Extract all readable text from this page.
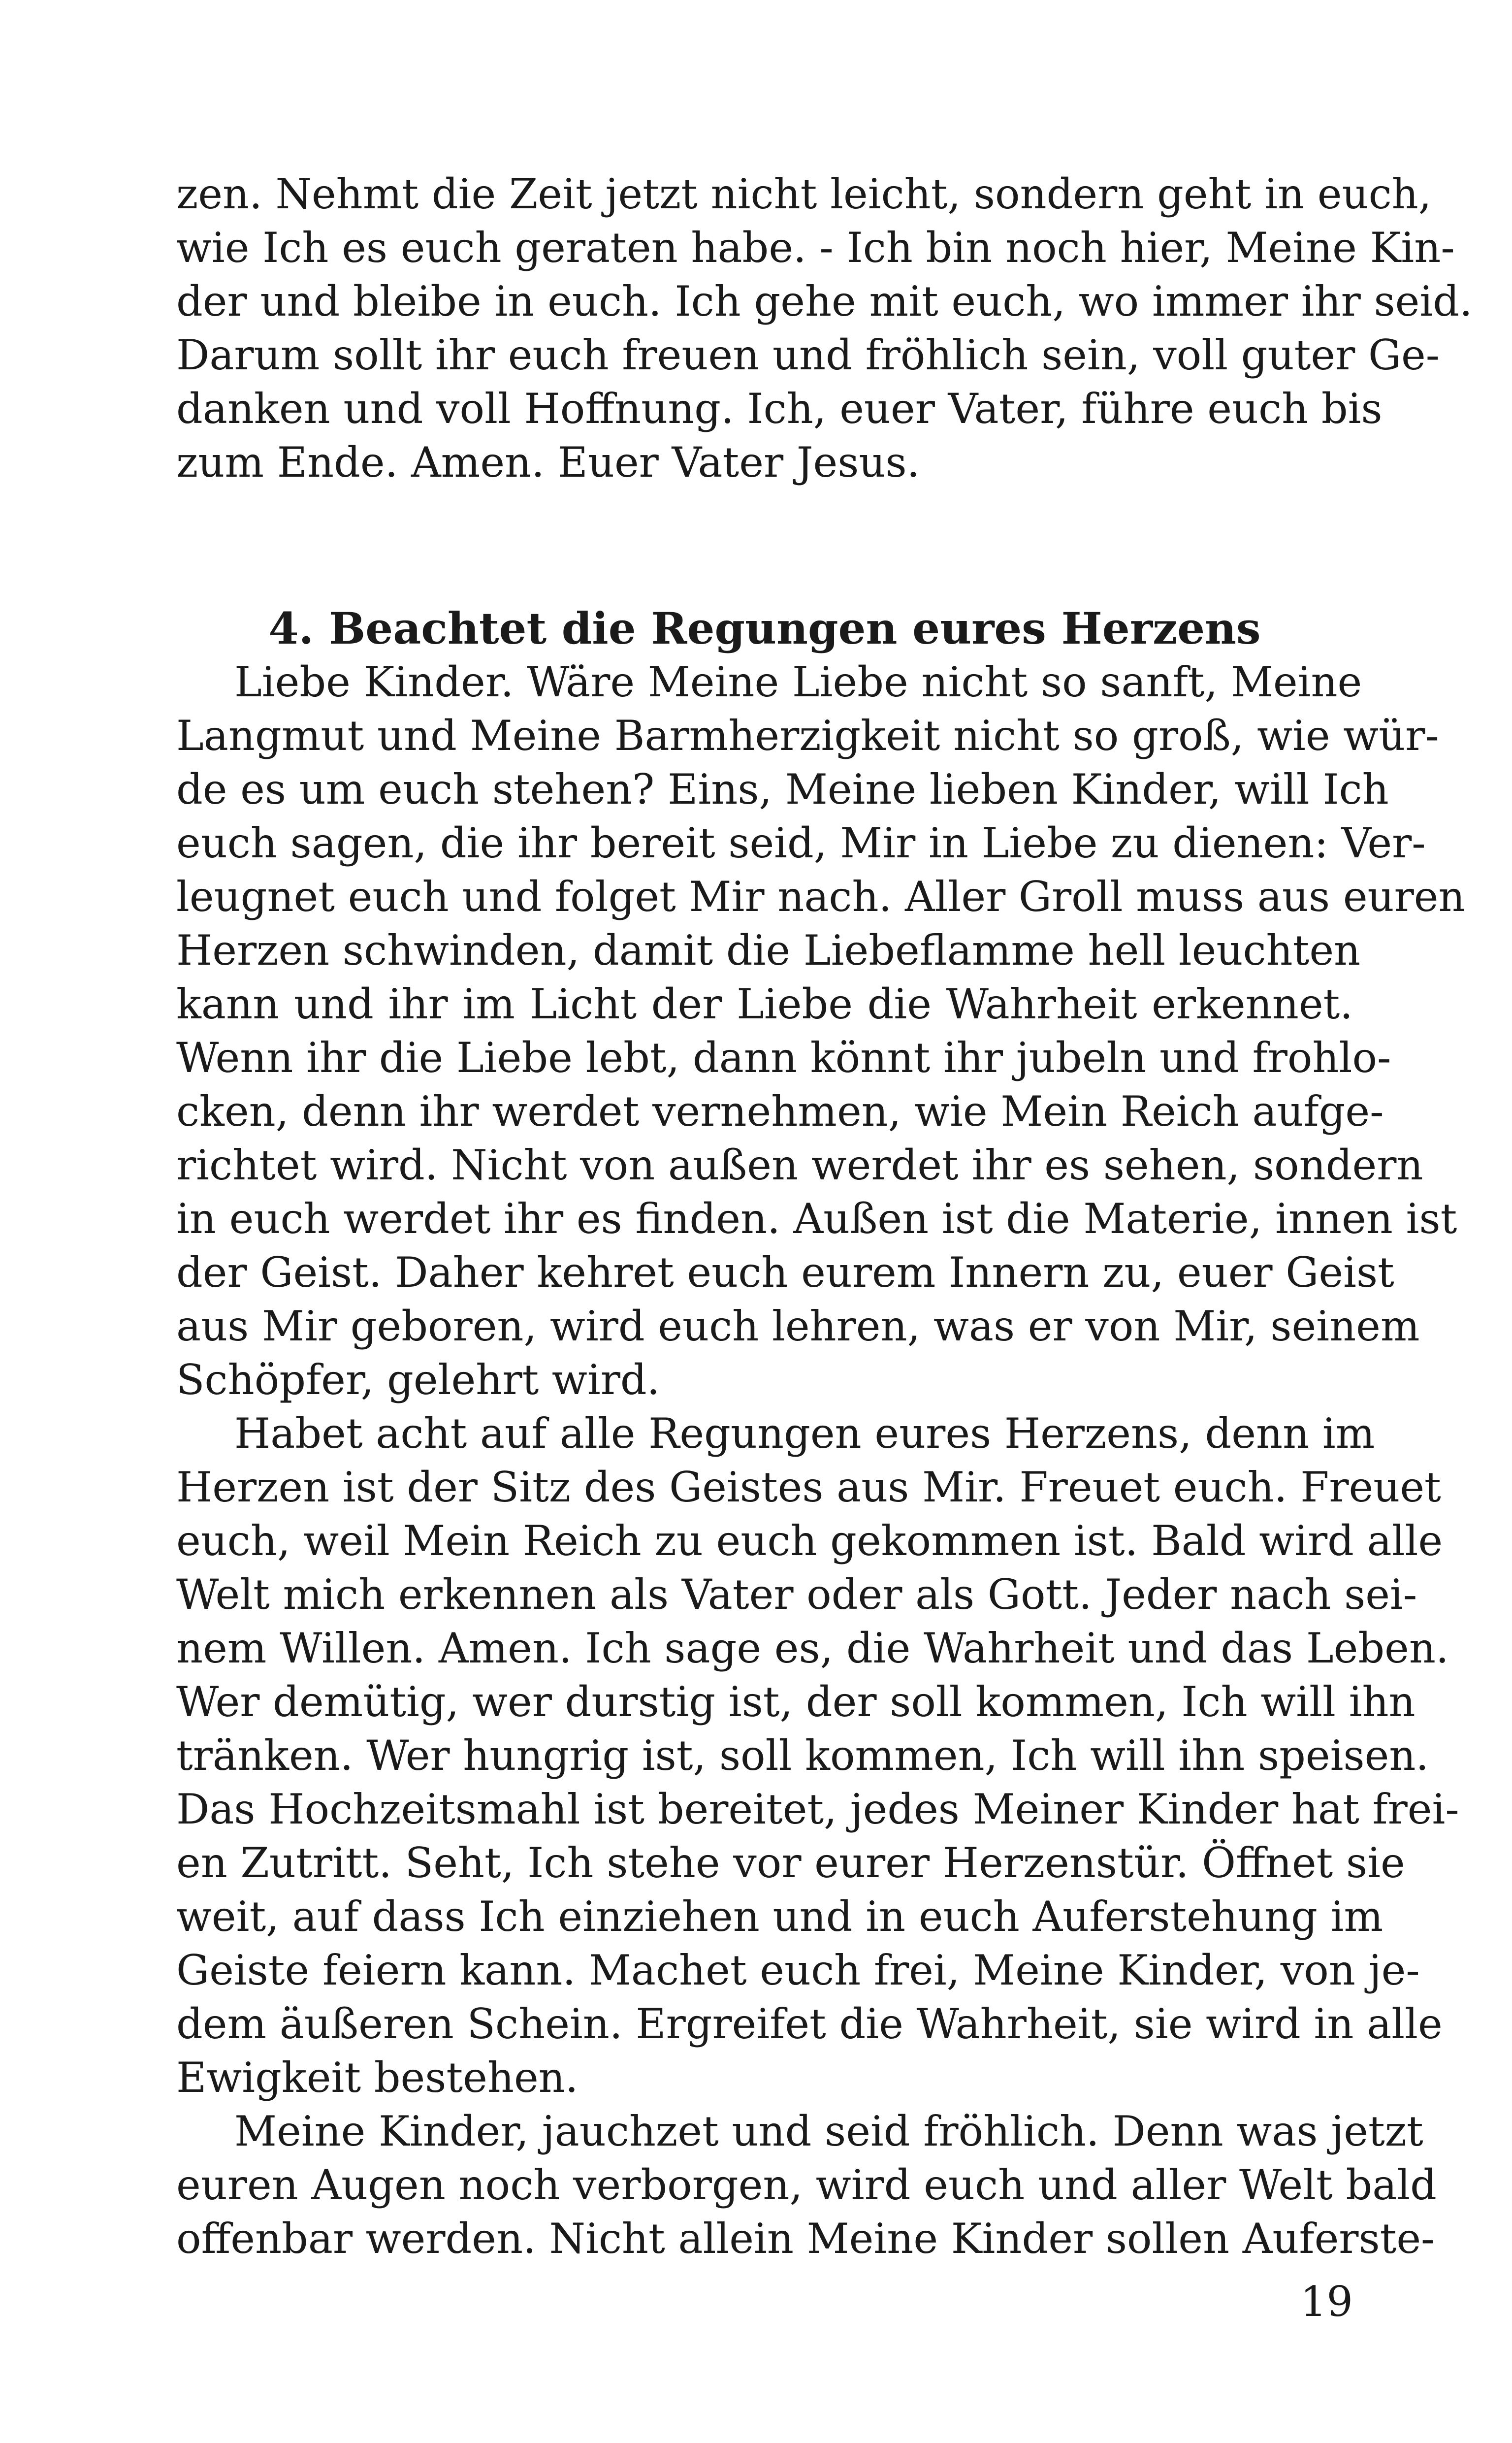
zen. Nehmt die Zeit jetzt nicht leicht, sondern geht in euch,
wie Ich es euch geraten habe. - Ich bin noch hier, Meine Kin-
der und bleibe in euch. Ich gehe mit euch, wo immer ihr seid.
Darum sollt ihr euch freuen und fröhlich sein, voll guter Ge-
danken und voll Hoffnung. Ich, euer Vater, führe euch bis
zum Ende. Amen. Euer Vater Jesus.
4. Beachtet die Regungen eures Herzens
Liebe Kinder. Wäre Meine Liebe nicht so sanft, Meine
Langmut und Meine Barmherzigkeit nicht so groß, wie wür-
de es um euch stehen? Eins, Meine lieben Kinder, will Ich
euch sagen, die ihr bereit seid, Mir in Liebe zu dienen: Ver-
leugnet euch und folget Mir nach. Aller Groll muss aus euren
Herzen schwinden, damit die Liebeflamme hell leuchten
kann und ihr im Licht der Liebe die Wahrheit erkennet.
Wenn ihr die Liebe lebt, dann könnt ihr jubeln und frohlo-
cken, denn ihr werdet vernehmen, wie Mein Reich aufge-
richtet wird. Nicht von außen werdet ihr es sehen, sondern
in euch werdet ihr es finden. Außen ist die Materie, innen ist
der Geist. Daher kehret euch eurem Innern zu, euer Geist
aus Mir geboren, wird euch lehren, was er von Mir, seinem
Schöpfer, gelehrt wird.
Habet acht auf alle Regungen eures Herzens, denn im
Herzen ist der Sitz des Geistes aus Mir. Freuet euch. Freuet
euch, weil Mein Reich zu euch gekommen ist. Bald wird alle
Welt mich erkennen als Vater oder als Gott. Jeder nach sei-
nem Willen. Amen. Ich sage es, die Wahrheit und das Leben.
Wer demütig, wer durstig ist, der soll kommen, Ich will ihn
tränken. Wer hungrig ist, soll kommen, Ich will ihn speisen.
Das Hochzeitsmahl ist bereitet, jedes Meiner Kinder hat frei-
en Zutritt. Seht, Ich stehe vor eurer Herzenstür. Öffnet sie
weit, auf dass Ich einziehen und in euch Auferstehung im
Geiste feiern kann. Machet euch frei, Meine Kinder, von je-
dem äußeren Schein. Ergreifet die Wahrheit, sie wird in alle
Ewigkeit bestehen.
Meine Kinder, jauchzet und seid fröhlich. Denn was jetzt
euren Augen noch verborgen, wird euch und aller Welt bald
offenbar werden. Nicht allein Meine Kinder sollen Auferste-
19
